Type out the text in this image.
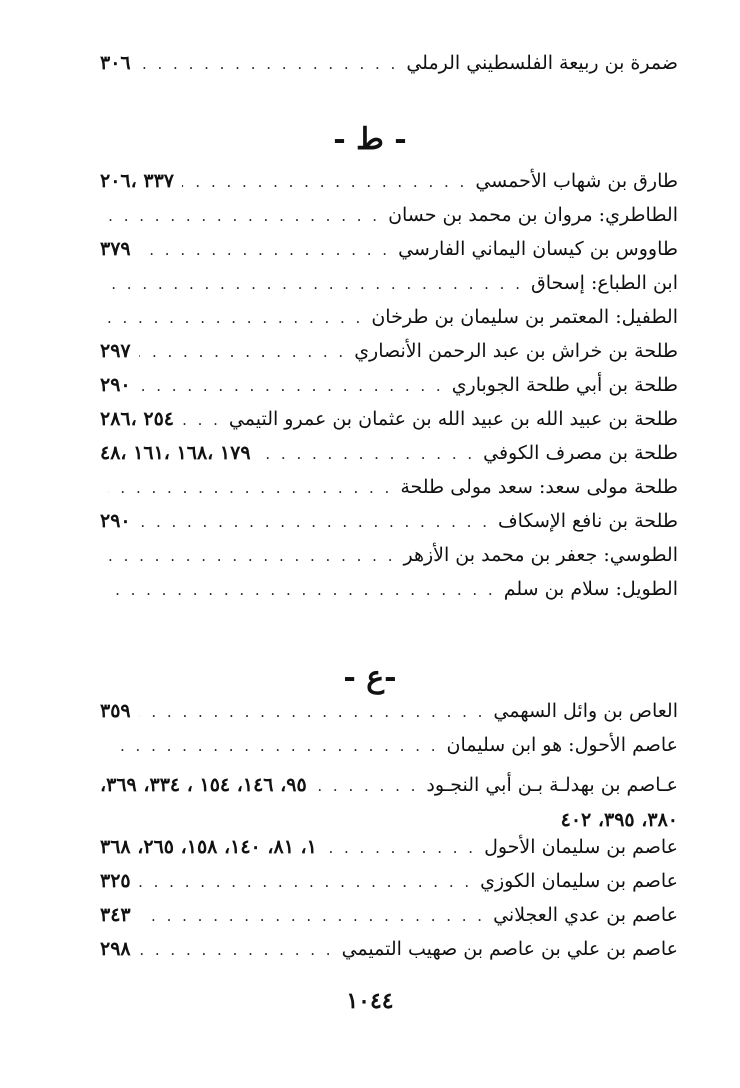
ضمرة بن ربيعة الفلسطيني الرملي
. . .
٣٠٦
- ط -
طارق بن شهاب الأحمسي
. . .
٣٣٧ ،٢٠٦
الطاطري: مروان بن محمد بن حسان
. . .
طاووس بن كيسان اليماني الفارسي
. . .
٣٧٩
ابن الطباع: إسحاق
. . .
الطفيل: المعتمر بن سليمان بن طرخان
. . .
طلحة بن خراش بن عبد الرحمن الأنصاري
. . .
٢٩٧
طلحة بن أبي طلحة الجوباري
. . .
٢٩٠
طلحة بن عبيد الله بن عبيد الله بن عثمان بن عمرو التيمي
. . .
٢٥٤ ،٢٨٦
طلحة بن مصرف الكوفي
. . .
١٧٩ ،١٦٨ ،١٦١ ،٤٨
طلحة مولى سعد: سعد مولى طلحة
. . .
طلحة بن نافع الإسكاف
. . .
٢٩٠
الطوسي: جعفر بن محمد بن الأزهر
. . .
الطويل: سلام بن سلم
. . .
-ع -
العاص بن وائل السهمي
. . .
٣٥٩
عاصم الأحول: هو ابن سليمان
. . .
عـاصم بن بهدلـة بـن أبي النجـود
. . .
٩٥، ١٤٦، ١٥٤ ، ٣٣٤، ٣٦٩،
٣٨٠، ٣٩٥، ٤٠٢
عاصم بن سليمان الأحول
. . .
١، ٨١، ١٤٠، ١٥٨، ٢٦٥، ٣٦٨
عاصم بن سليمان الكوزي
. . .
٣٢٥
عاصم بن عدي العجلاني
. . .
٣٤٣
عاصم بن علي بن عاصم بن صهيب التميمي
. . .
٢٩٨
١٠٤٤
